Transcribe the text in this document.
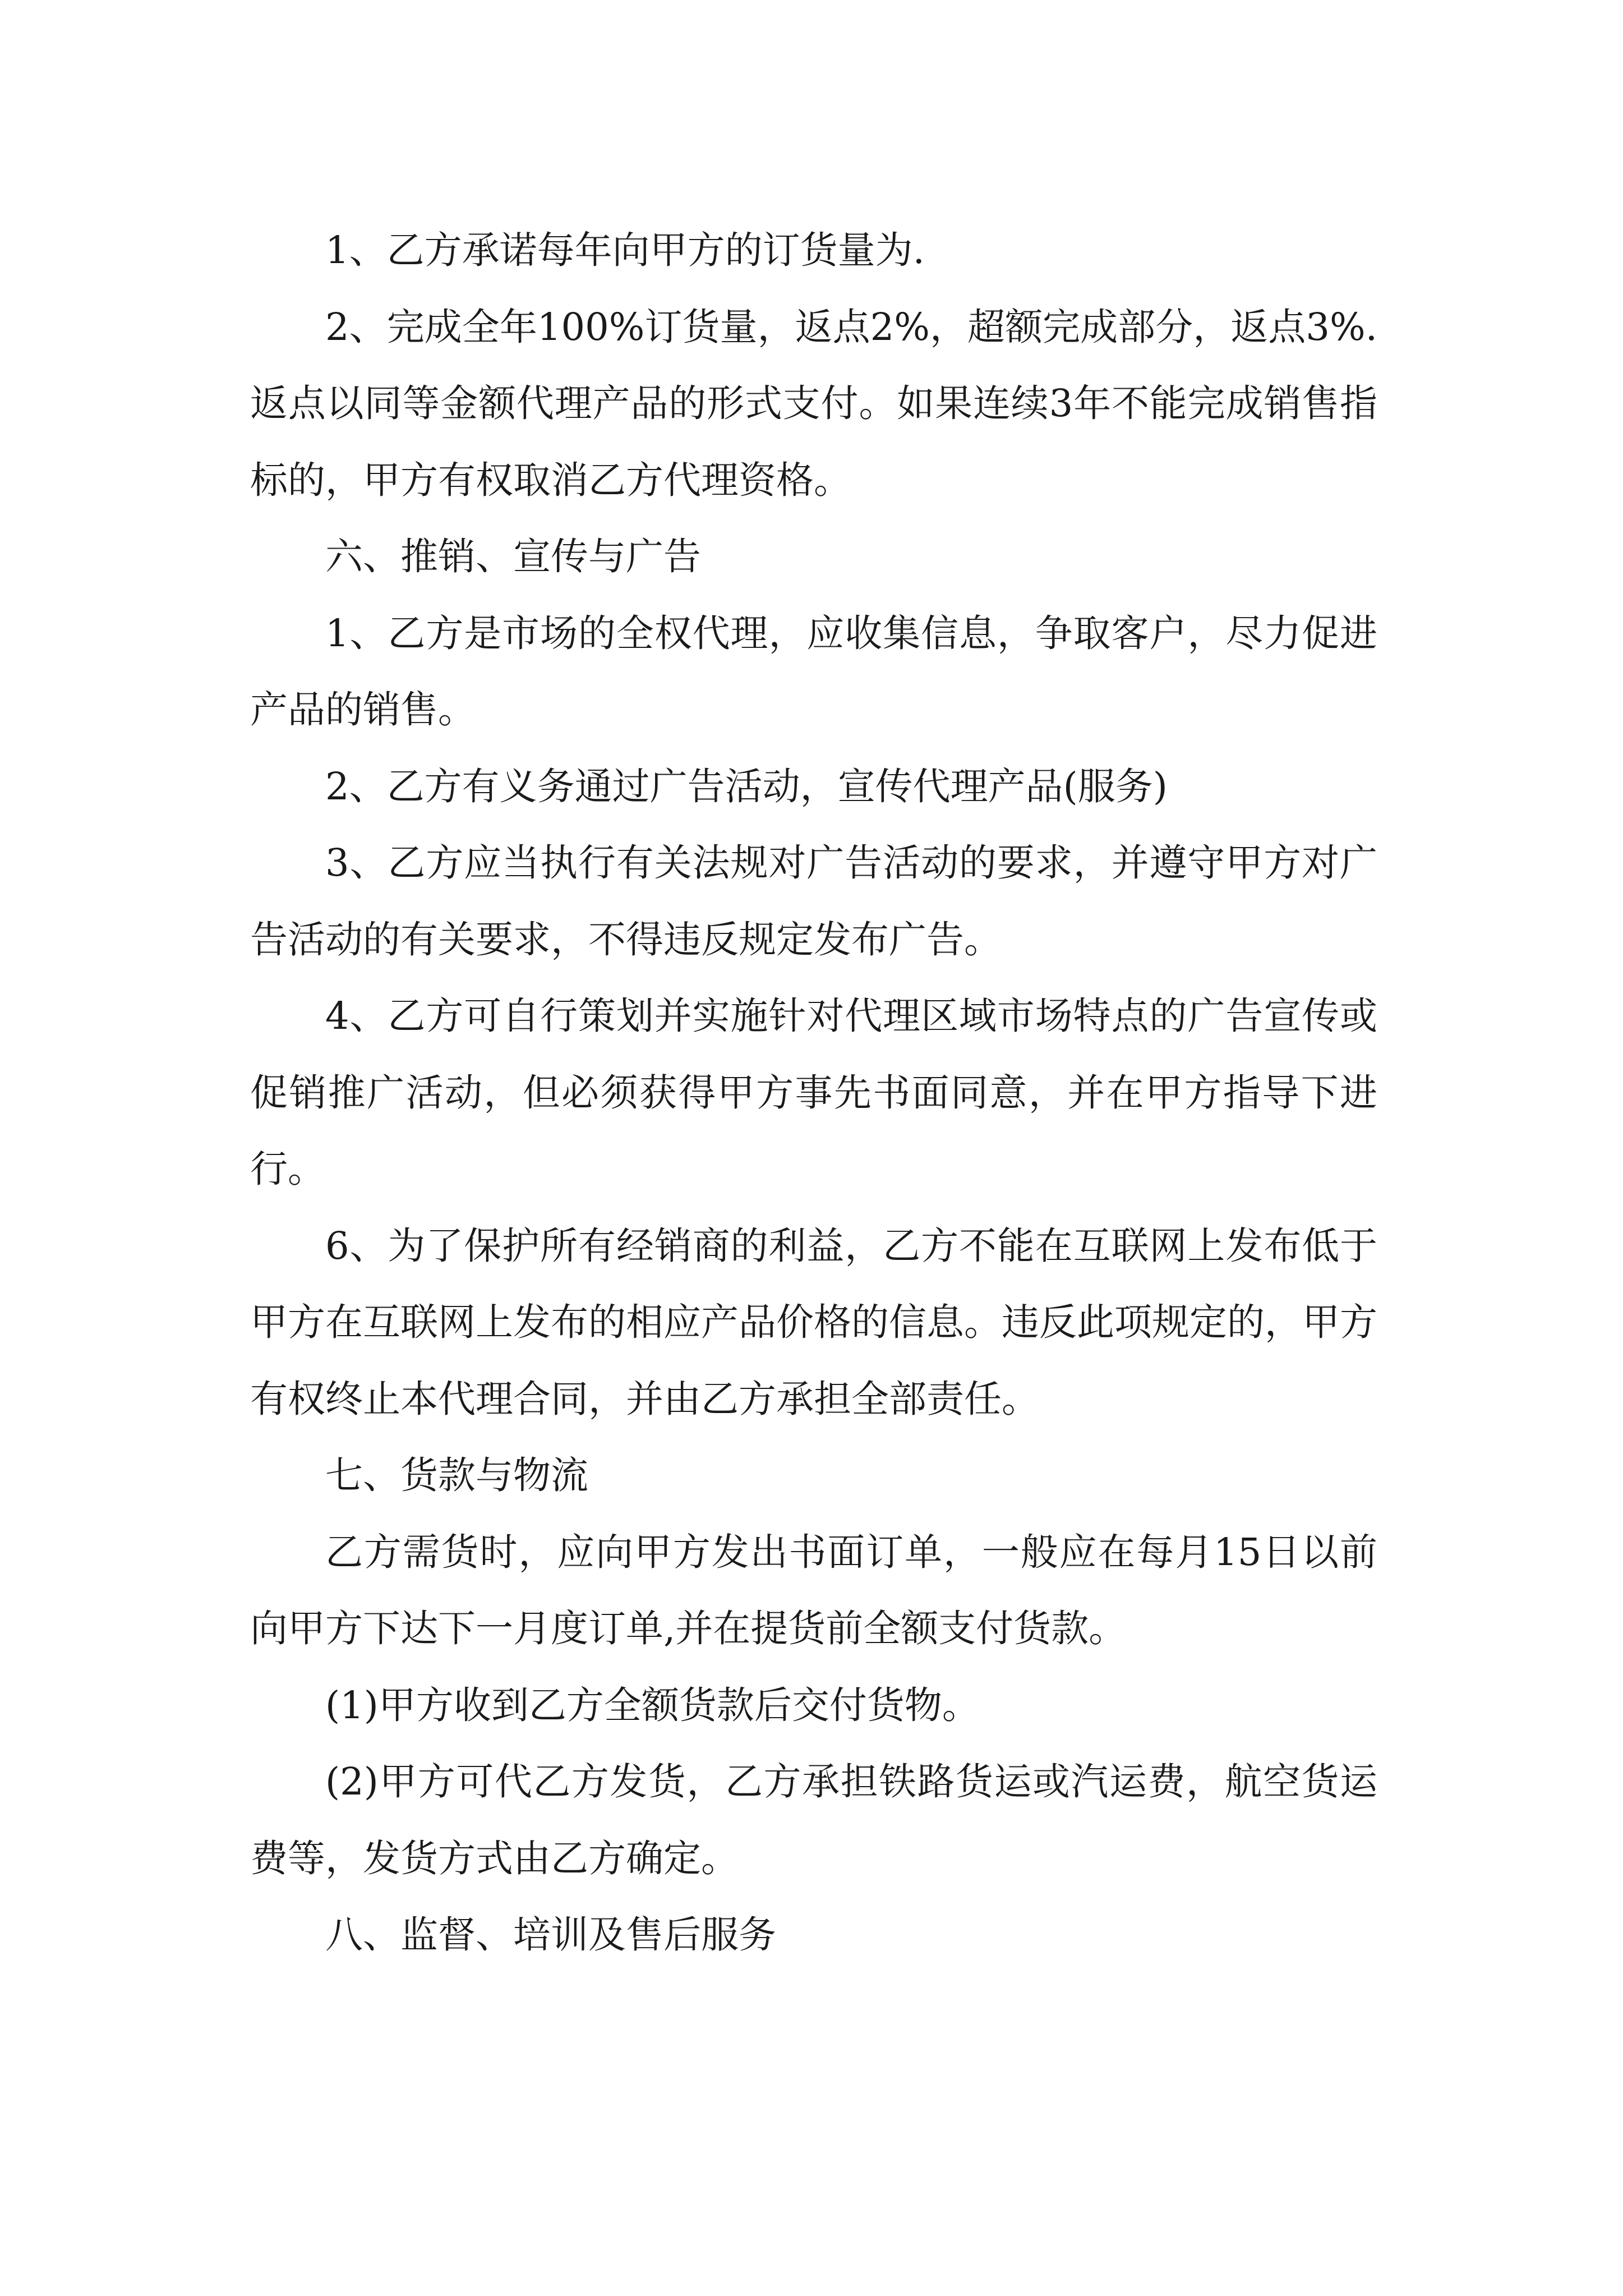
1、乙方承诺每年向甲方的订货量为.

2、完成全年100%订货量，返点2%，超额完成部分，返点3%.返点以同等金额代理产品的形式支付。如果连续3年不能完成销售指标的，甲方有权取消乙方代理资格。

六、推销、宣传与广告

1、乙方是市场的全权代理，应收集信息，争取客户，尽力促进产品的销售。

2、乙方有义务通过广告活动，宣传代理产品(服务)

3、乙方应当执行有关法规对广告活动的要求，并遵守甲方对广告活动的有关要求，不得违反规定发布广告。

4、乙方可自行策划并实施针对代理区域市场特点的广告宣传或促销推广活动，但必须获得甲方事先书面同意，并在甲方指导下进行。

6、为了保护所有经销商的利益，乙方不能在互联网上发布低于甲方在互联网上发布的相应产品价格的信息。违反此项规定的，甲方有权终止本代理合同，并由乙方承担全部责任。

七、货款与物流

乙方需货时，应向甲方发出书面订单，一般应在每月15日以前向甲方下达下一月度订单,并在提货前全额支付货款。

(1)甲方收到乙方全额货款后交付货物。

(2)甲方可代乙方发货，乙方承担铁路货运或汽运费，航空货运费等，发货方式由乙方确定。

八、监督、培训及售后服务
